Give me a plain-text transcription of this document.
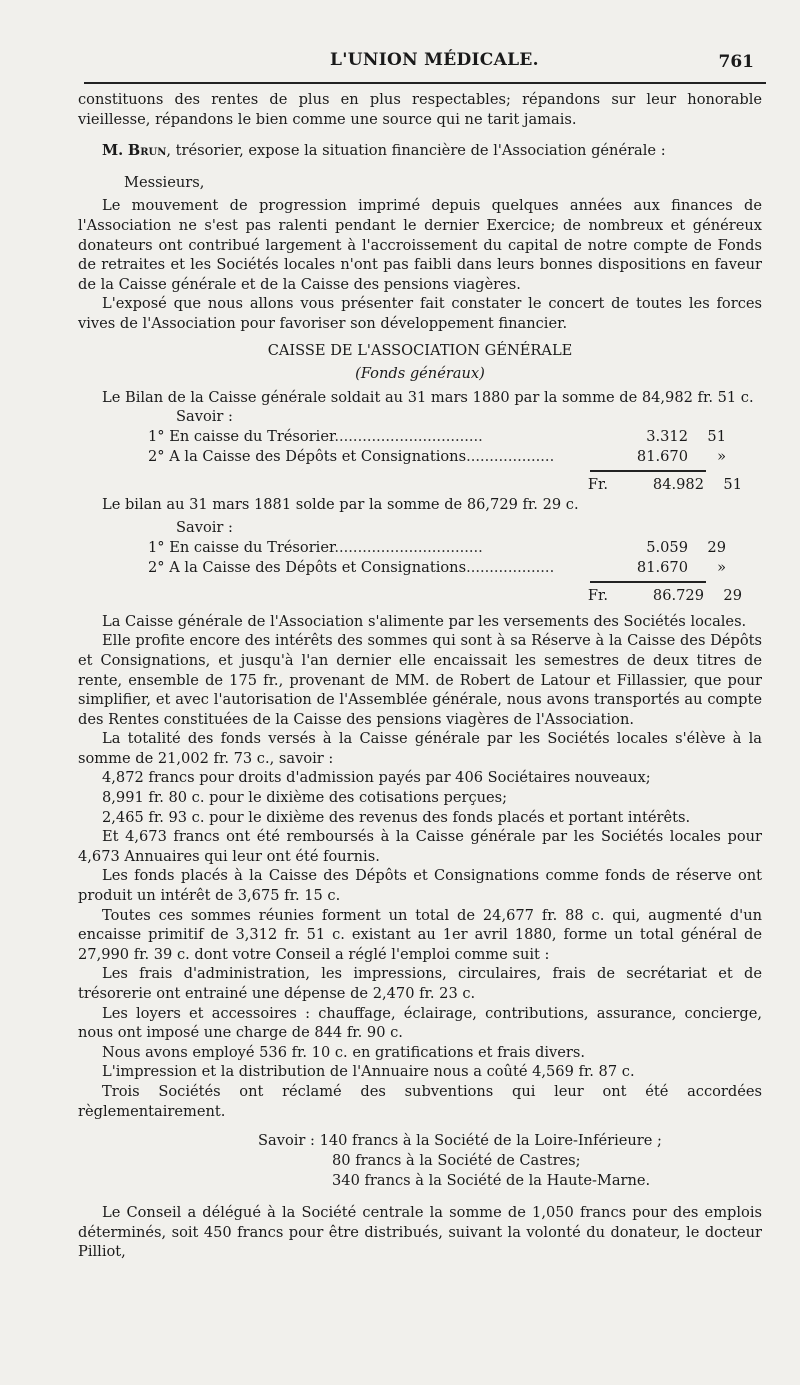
L'UNION MÉDICALE.	761

constituons des rentes de plus en plus respectables; répandons sur leur honorable vieillesse, répandons le bien comme une source qui ne tarit jamais.

M. Brun, trésorier, expose la situation financière de l'Association générale :

Messieurs,

Le mouvement de progression imprimé depuis quelques années aux finances de l'Association ne s'est pas ralenti pendant le dernier Exercice; de nombreux et généreux donateurs ont contribué largement à l'accroissement du capital de notre compte de Fonds de retraites et les Sociétés locales n'ont pas faibli dans leurs bonnes dispositions en faveur de la Caisse générale et de la Caisse des pensions viagères.

L'exposé que nous allons vous présenter fait constater le concert de toutes les forces vives de l'Association pour favoriser son développement financier.

CAISSE DE L'ASSOCIATION GÉNÉRALE
(Fonds généraux)

Le Bilan de la Caisse générale soldait au 31 mars 1880 par la somme de 84,982 fr. 51 c.

Savoir :
1° En caisse du Trésorier................................	3.312	51
2° A la Caisse des Dépôts et Consignations...................	81.670	»
Fr.	84.982	51

Le bilan au 31 mars 1881 solde par la somme de 86,729 fr. 29 c.

Savoir :
1° En caisse du Trésorier................................	5.059	29
2° A la Caisse des Dépôts et Consignations...................	81.670	»
Fr.	86.729	29

La Caisse générale de l'Association s'alimente par les versements des Sociétés locales.

Elle profite encore des intérêts des sommes qui sont à sa Réserve à la Caisse des Dépôts et Consignations, et jusqu'à l'an dernier elle encaissait les semestres de deux titres de rente, ensemble de 175 fr., provenant de MM. de Robert de Latour et Fillassier, que pour simplifier, et avec l'autorisation de l'Assemblée générale, nous avons transportés au compte des Rentes constituées de la Caisse des pensions viagères de l'Association.

La totalité des fonds versés à la Caisse générale par les Sociétés locales s'élève à la somme de 21,002 fr. 73 c., savoir :

4,872 francs pour droits d'admission payés par 406 Sociétaires nouveaux;

8,991 fr. 80 c. pour le dixième des cotisations perçues;

2,465 fr. 93 c. pour le dixième des revenus des fonds placés et portant intérêts.

Et 4,673 francs ont été remboursés à la Caisse générale par les Sociétés locales pour 4,673 Annuaires qui leur ont été fournis.

Les fonds placés à la Caisse des Dépôts et Consignations comme fonds de réserve ont produit un intérêt de 3,675 fr. 15 c.

Toutes ces sommes réunies forment un total de 24,677 fr. 88 c. qui, augmenté d'un encaisse primitif de 3,312 fr. 51 c. existant au 1er avril 1880, forme un total général de 27,990 fr. 39 c. dont votre Conseil a réglé l'emploi comme suit :

Les frais d'administration, les impressions, circulaires, frais de secrétariat et de trésorerie ont entrainé une dépense de 2,470 fr. 23 c.

Les loyers et accessoires : chauffage, éclairage, contributions, assurance, concierge, nous ont imposé une charge de 844 fr. 90 c.

Nous avons employé 536 fr. 10 c. en gratifications et frais divers.

L'impression et la distribution de l'Annuaire nous a coûté 4,569 fr. 87 c.

Trois Sociétés ont réclamé des subventions qui leur ont été accordées règlementairement.

Savoir : 140 francs à la Société de la Loire-Inférieure ;
80 francs à la Société de Castres;
340 francs à la Société de la Haute-Marne.

Le Conseil a délégué à la Société centrale la somme de 1,050 francs pour des emplois déterminés, soit 450 francs pour être distribués, suivant la volonté du donateur, le docteur Pilliot,
